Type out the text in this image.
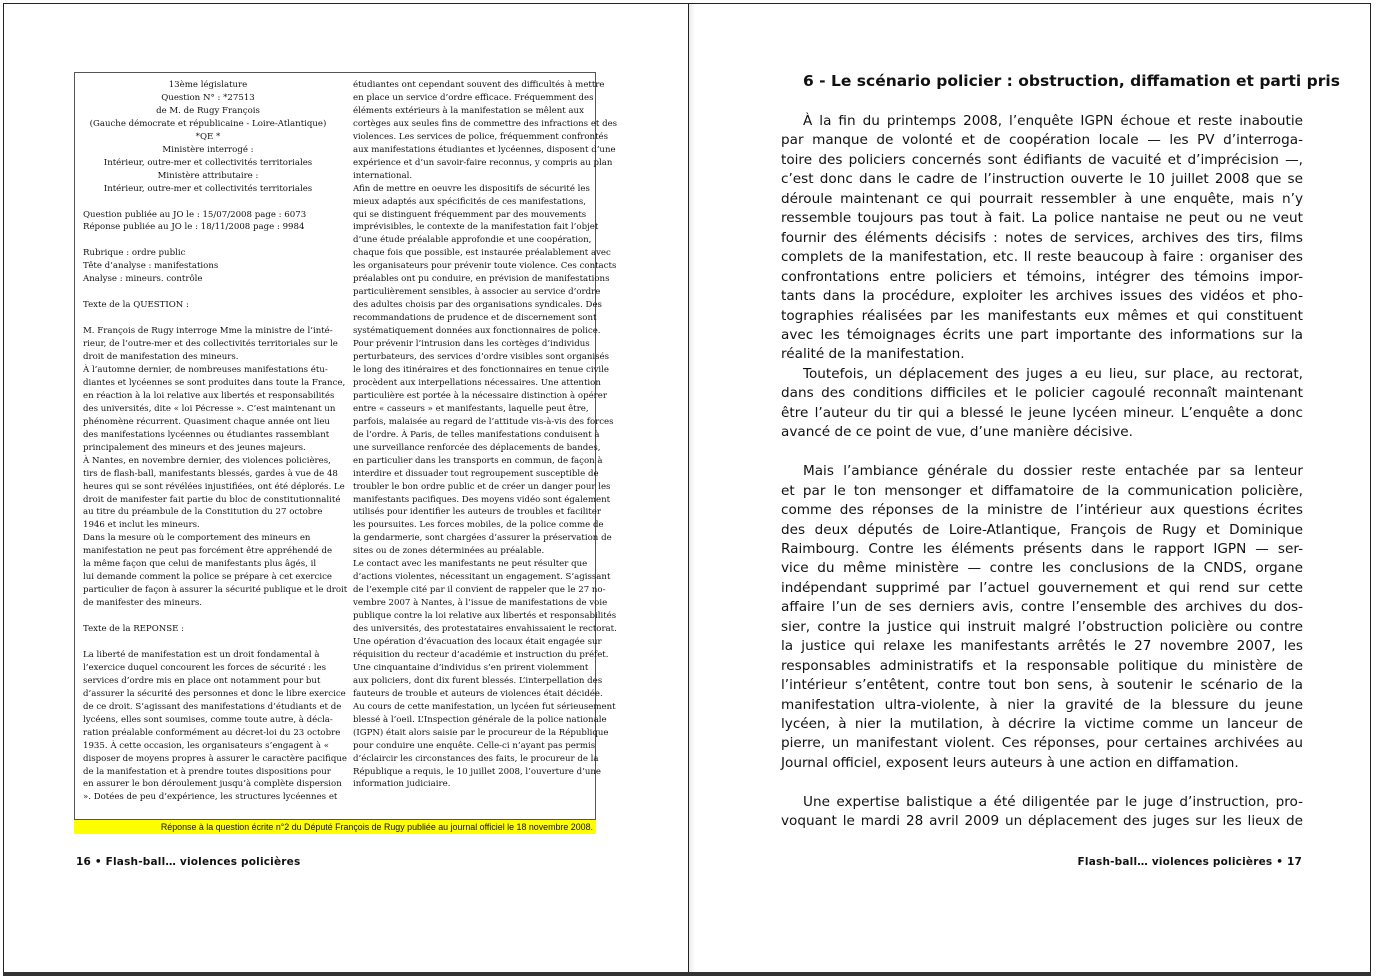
13ème législature

Question N° : *27513

de M. de Rugy François

(Gauche démocrate et républicaine - Loire-Atlantique)

*QE *

Ministère interrogé :

Intérieur, outre-mer et collectivités territoriales

Ministère attributaire :

Intérieur, outre-mer et collectivités territoriales

Question publiée au JO le : 15/07/2008 page : 6073

Réponse publiée au JO le : 18/11/2008 page : 9984

Rubrique : ordre public

Tête d’analyse : manifestations

Analyse : mineurs. contrôle

Texte de la QUESTION :

M. François de Rugy interroge Mme la ministre de l’inté-

rieur, de l’outre-mer et des collectivités territoriales sur le

droit de manifestation des mineurs.

À l’automne dernier, de nombreuses manifestations étu-

diantes et lycéennes se sont produites dans toute la France,

en réaction à la loi relative aux libertés et responsabilités

des universités, dite « loi Pécresse ». C’est maintenant un

phénomène récurrent. Quasiment chaque année ont lieu

des manifestations lycéennes ou étudiantes rassemblant

principalement des mineurs et des jeunes majeurs.

À Nantes, en novembre dernier, des violences policières,

tirs de flash-ball, manifestants blessés, gardes à vue de 48

heures qui se sont révélées injustifiées, ont été déplorés. Le

droit de manifester fait partie du bloc de constitutionnalité

au titre du préambule de la Constitution du 27 octobre

1946 et inclut les mineurs.

Dans la mesure où le comportement des mineurs en

manifestation ne peut pas forcément être appréhendé de

la même façon que celui de manifestants plus âgés, il

lui demande comment la police se prépare à cet exercice

particulier de façon à assurer la sécurité publique et le droit

de manifester des mineurs.

Texte de la REPONSE :

La liberté de manifestation est un droit fondamental à

l’exercice duquel concourent les forces de sécurité : les

services d’ordre mis en place ont notamment pour but

d’assurer la sécurité des personnes et donc le libre exercice

de ce droit. S’agissant des manifestations d’étudiants et de

lycéens, elles sont soumises, comme toute autre, à décla-

ration préalable conformément au décret-loi du 23 octobre

1935. À cette occasion, les organisateurs s’engagent à «

disposer de moyens propres à assurer le caractère pacifique

de la manifestation et à prendre toutes dispositions pour

en assurer le bon déroulement jusqu’à complète dispersion

». Dotées de peu d’expérience, les structures lycéennes et

étudiantes ont cependant souvent des difficultés à mettre

en place un service d’ordre efficace. Fréquemment des

éléments extérieurs à la manifestation se mêlent aux

cortèges aux seules fins de commettre des infractions et des

violences. Les services de police, fréquemment confrontés

aux manifestations étudiantes et lycéennes, disposent d’une

expérience et d’un savoir-faire reconnus, y compris au plan

international.

Afin de mettre en oeuvre les dispositifs de sécurité les

mieux adaptés aux spécificités de ces manifestations,

qui se distinguent fréquemment par des mouvements

imprévisibles, le contexte de la manifestation fait l’objet

d’une étude préalable approfondie et une coopération,

chaque fois que possible, est instaurée préalablement avec

les organisateurs pour prévenir toute violence. Ces contacts

préalables ont pu conduire, en prévision de manifestations

particulièrement sensibles, à associer au service d’ordre

des adultes choisis par des organisations syndicales. Des

recommandations de prudence et de discernement sont

systématiquement données aux fonctionnaires de police.

Pour prévenir l’intrusion dans les cortèges d’individus

perturbateurs, des services d’ordre visibles sont organisés

le long des itinéraires et des fonctionnaires en tenue civile

procèdent aux interpellations nécessaires. Une attention

particulière est portée à la nécessaire distinction à opérer

entre « casseurs » et manifestants, laquelle peut être,

parfois, malaisée au regard de l’attitude vis-à-vis des forces

de l’ordre. À Paris, de telles manifestations conduisent à

une surveillance renforcée des déplacements de bandes,

en particulier dans les transports en commun, de façon à

interdire et dissuader tout regroupement susceptible de

troubler le bon ordre public et de créer un danger pour les

manifestants pacifiques. Des moyens vidéo sont également

utilisés pour identifier les auteurs de troubles et faciliter

les poursuites. Les forces mobiles, de la police comme de

la gendarmerie, sont chargées d’assurer la préservation de

sites ou de zones déterminées au préalable.

Le contact avec les manifestants ne peut résulter que

d’actions violentes, nécessitant un engagement. S’agissant

de l’exemple cité par il convient de rappeler que le 27 no-

vembre 2007 à Nantes, à l’issue de manifestations de voie

publique contre la loi relative aux libertés et responsabilités

des universités, des protestataires envahissaient le rectorat.

Une opération d’évacuation des locaux était engagée sur

réquisition du recteur d’académie et instruction du préfet.

Une cinquantaine d’individus s’en prirent violemment

aux policiers, dont dix furent blessés. L’interpellation des

fauteurs de trouble et auteurs de violences était décidée.

Au cours de cette manifestation, un lycéen fut sérieusement

blessé à l’oeil. L’Inspection générale de la police nationale

(IGPN) était alors saisie par le procureur de la République

pour conduire une enquête. Celle-ci n’ayant pas permis

d’éclaircir les circonstances des faits, le procureur de la

République a requis, le 10 juillet 2008, l’ouverture d’une

information judiciaire.

Réponse à la question écrite n°2 du Député François de Rugy publiée au journal officiel le 18 novembre 2008.
16 • Flash-ball… violences policières
6 - Le scénario policier : obstruction, diffamation et parti pris

À la fin du printemps 2008, l’enquête IGPN échoue et reste inaboutie
par manque de volonté et de coopération locale — les PV d’interroga-
toire des policiers concernés sont édifiants de vacuité et d’imprécision —,
c’est donc dans le cadre de l’instruction ouverte le 10 juillet 2008 que se
déroule maintenant ce qui pourrait ressembler à une enquête, mais n’y
ressemble toujours pas tout à fait. La police nantaise ne peut ou ne veut
fournir des éléments décisifs : notes de services, archives des tirs, films
complets de la manifestation, etc. Il reste beaucoup à faire : organiser des
confrontations entre policiers et témoins, intégrer des témoins impor-
tants dans la procédure, exploiter les archives issues des vidéos et pho-
tographies réalisées par les manifestants eux mêmes et qui constituent
avec les témoignages écrits une part importante des informations sur la
réalité de la manifestation.

Toutefois, un déplacement des juges a eu lieu, sur place, au rectorat,
dans des conditions difficiles et le policier cagoulé reconnaît maintenant
être l’auteur du tir qui a blessé le jeune lycéen mineur. L’enquête a donc
avancé de ce point de vue, d’une manière décisive.

Mais l’ambiance générale du dossier reste entachée par sa lenteur
et par le ton mensonger et diffamatoire de la communication policière,
comme des réponses de la ministre de l’intérieur aux questions écrites
des deux députés de Loire-Atlantique, François de Rugy et Dominique
Raimbourg. Contre les éléments présents dans le rapport IGPN — ser-
vice du même ministère — contre les conclusions de la CNDS, organe
indépendant supprimé par l’actuel gouvernement et qui rend sur cette
affaire l’un de ses derniers avis, contre l’ensemble des archives du dos-
sier, contre la justice qui instruit malgré l’obstruction policière ou contre
la justice qui relaxe les manifestants arrêtés le 27 novembre 2007, les
responsables administratifs et la responsable politique du ministère de
l’intérieur s’entêtent, contre tout bon sens, à soutenir le scénario de la
manifestation ultra-violente, à nier la gravité de la blessure du jeune
lycéen, à nier la mutilation, à décrire la victime comme un lanceur de
pierre, un manifestant violent. Ces réponses, pour certaines archivées au
Journal officiel, exposent leurs auteurs à une action en diffamation.

Une expertise balistique a été diligentée par le juge d’instruction, pro-
voquant le mardi 28 avril 2009 un déplacement des juges sur les lieux de

Flash-ball… violences policières • 17
